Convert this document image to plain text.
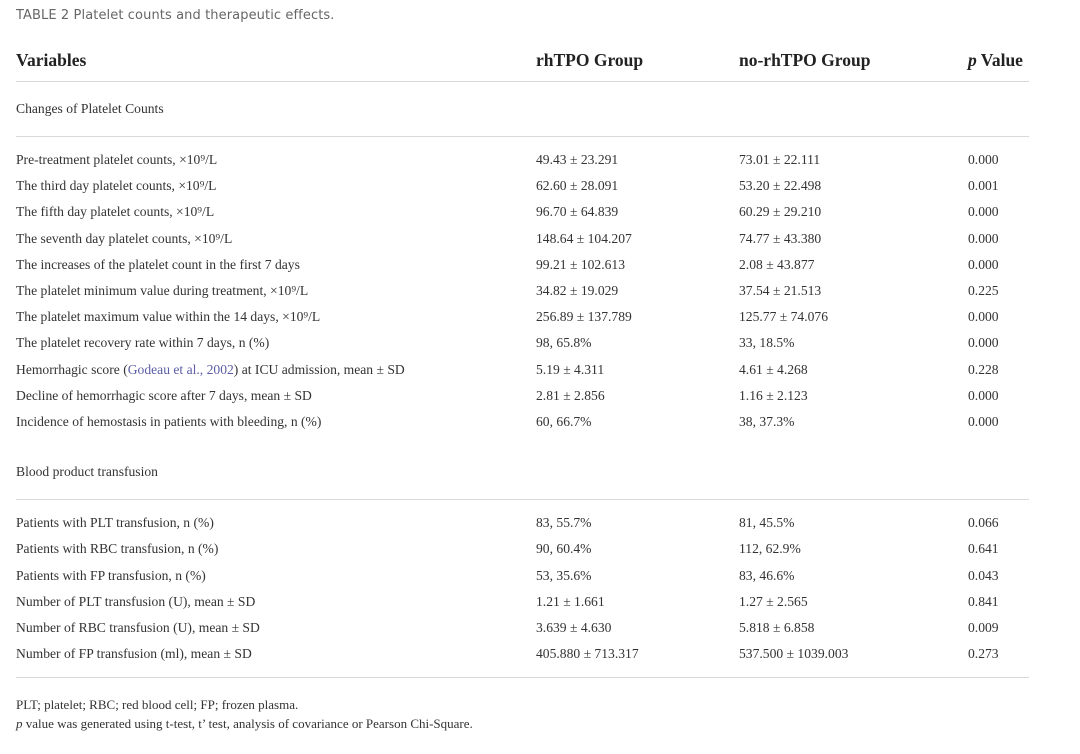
TABLE 2 Platelet counts and therapeutic effects.
Variables	rhTPO Group	no-rhTPO Group	p Value
Changes of Platelet Counts			

Pre-treatment platelet counts, ×10⁹/L	49.43 ± 23.291	73.01 ± 22.111	0.000
The third day platelet counts, ×10⁹/L	62.60 ± 28.091	53.20 ± 22.498	0.001
The fifth day platelet counts, ×10⁹/L	96.70 ± 64.839	60.29 ± 29.210	0.000
The seventh day platelet counts, ×10⁹/L	148.64 ± 104.207	74.77 ± 43.380	0.000
The increases of the platelet count in the first 7 days	99.21 ± 102.613	2.08 ± 43.877	0.000
The platelet minimum value during treatment, ×10⁹/L	34.82 ± 19.029	37.54 ± 21.513	0.225
The platelet maximum value within the 14 days, ×10⁹/L	256.89 ± 137.789	125.77 ± 74.076	0.000
The platelet recovery rate within 7 days, n (%)	98, 65.8%	33, 18.5%	0.000
Hemorrhagic score (Godeau et al., 2002) at ICU admission, mean ± SD	5.19 ± 4.311	4.61 ± 4.268	0.228
Decline of hemorrhagic score after 7 days, mean ± SD	2.81 ± 2.856	1.16 ± 2.123	0.000
Incidence of hemostasis in patients with bleeding, n (%)	60, 66.7%	38, 37.3%	0.000

Blood product transfusion			

Patients with PLT transfusion, n (%)	83, 55.7%	81, 45.5%	0.066
Patients with RBC transfusion, n (%)	90, 60.4%	112, 62.9%	0.641
Patients with FP transfusion, n (%)	53, 35.6%	83, 46.6%	0.043
Number of PLT transfusion (U), mean ± SD	1.21 ± 1.661	1.27 ± 2.565	0.841
Number of RBC transfusion (U), mean ± SD	3.639 ± 4.630	5.818 ± 6.858	0.009
Number of FP transfusion (ml), mean ± SD	405.880 ± 713.317	537.500 ± 1039.003	0.273

PLT; platelet; RBC; red blood cell; FP; frozen plasma.
p value was generated using t-test, t’ test, analysis of covariance or Pearson Chi-Square.
